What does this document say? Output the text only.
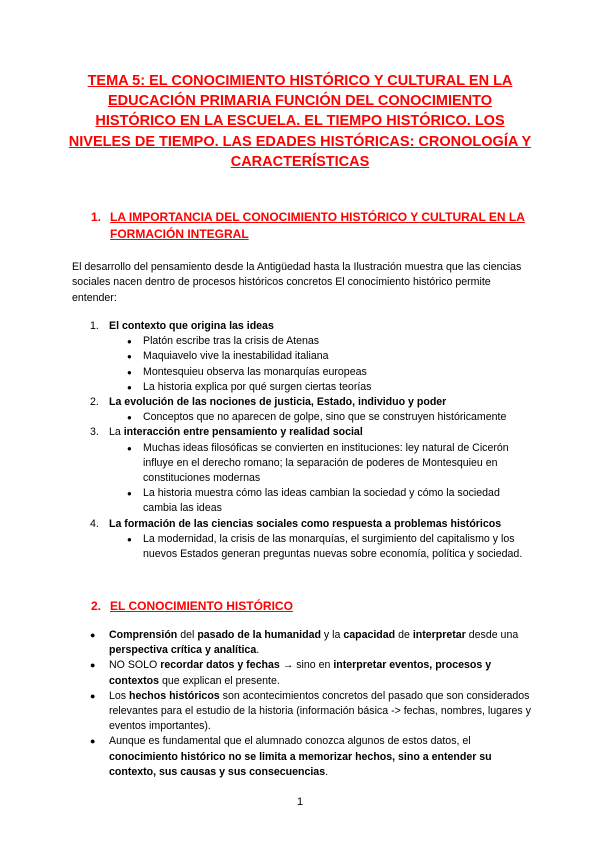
TEMA 5: EL CONOCIMIENTO HISTÓRICO Y CULTURAL EN LA EDUCACIÓN PRIMARIA FUNCIÓN DEL CONOCIMIENTO HISTÓRICO EN LA ESCUELA. EL TIEMPO HISTÓRICO. LOS NIVELES DE TIEMPO. LAS EDADES HISTÓRICAS: CRONOLOGÍA Y CARACTERÍSTICAS
1. LA IMPORTANCIA DEL CONOCIMIENTO HISTÓRICO Y CULTURAL EN LA FORMACIÓN INTEGRAL
El desarrollo del pensamiento desde la Antigüedad hasta la Ilustración muestra que las ciencias sociales nacen dentro de procesos históricos concretos El conocimiento histórico permite entender:
1. El contexto que origina las ideas
● Platón escribe tras la crisis de Atenas
● Maquiavelo vive la inestabilidad italiana
● Montesquieu observa las monarquías europeas
● La historia explica por qué surgen ciertas teorías
2. La evolución de las nociones de justicia, Estado, individuo y poder
● Conceptos que no aparecen de golpe, sino que se construyen históricamente
3. La interacción entre pensamiento y realidad social
● Muchas ideas filosóficas se convierten en instituciones: ley natural de Cicerón influye en el derecho romano; la separación de poderes de Montesquieu en constituciones modernas
● La historia muestra cómo las ideas cambian la sociedad y cómo la sociedad cambia las ideas
4. La formación de las ciencias sociales como respuesta a problemas históricos
● La modernidad, la crisis de las monarquías, el surgimiento del capitalismo y los nuevos Estados generan preguntas nuevas sobre economía, política y sociedad.
2. EL CONOCIMIENTO HISTÓRICO
● Comprensión del pasado de la humanidad y la capacidad de interpretar desde una perspectiva crítica y analítica.
● NO SOLO recordar datos y fechas → sino en interpretar eventos, procesos y contextos que explican el presente.
● Los hechos históricos son acontecimientos concretos del pasado que son considerados relevantes para el estudio de la historia (información básica -> fechas, nombres, lugares y eventos importantes).
● Aunque es fundamental que el alumnado conozca algunos de estos datos, el conocimiento histórico no se limita a memorizar hechos, sino a entender su contexto, sus causas y sus consecuencias.
1
